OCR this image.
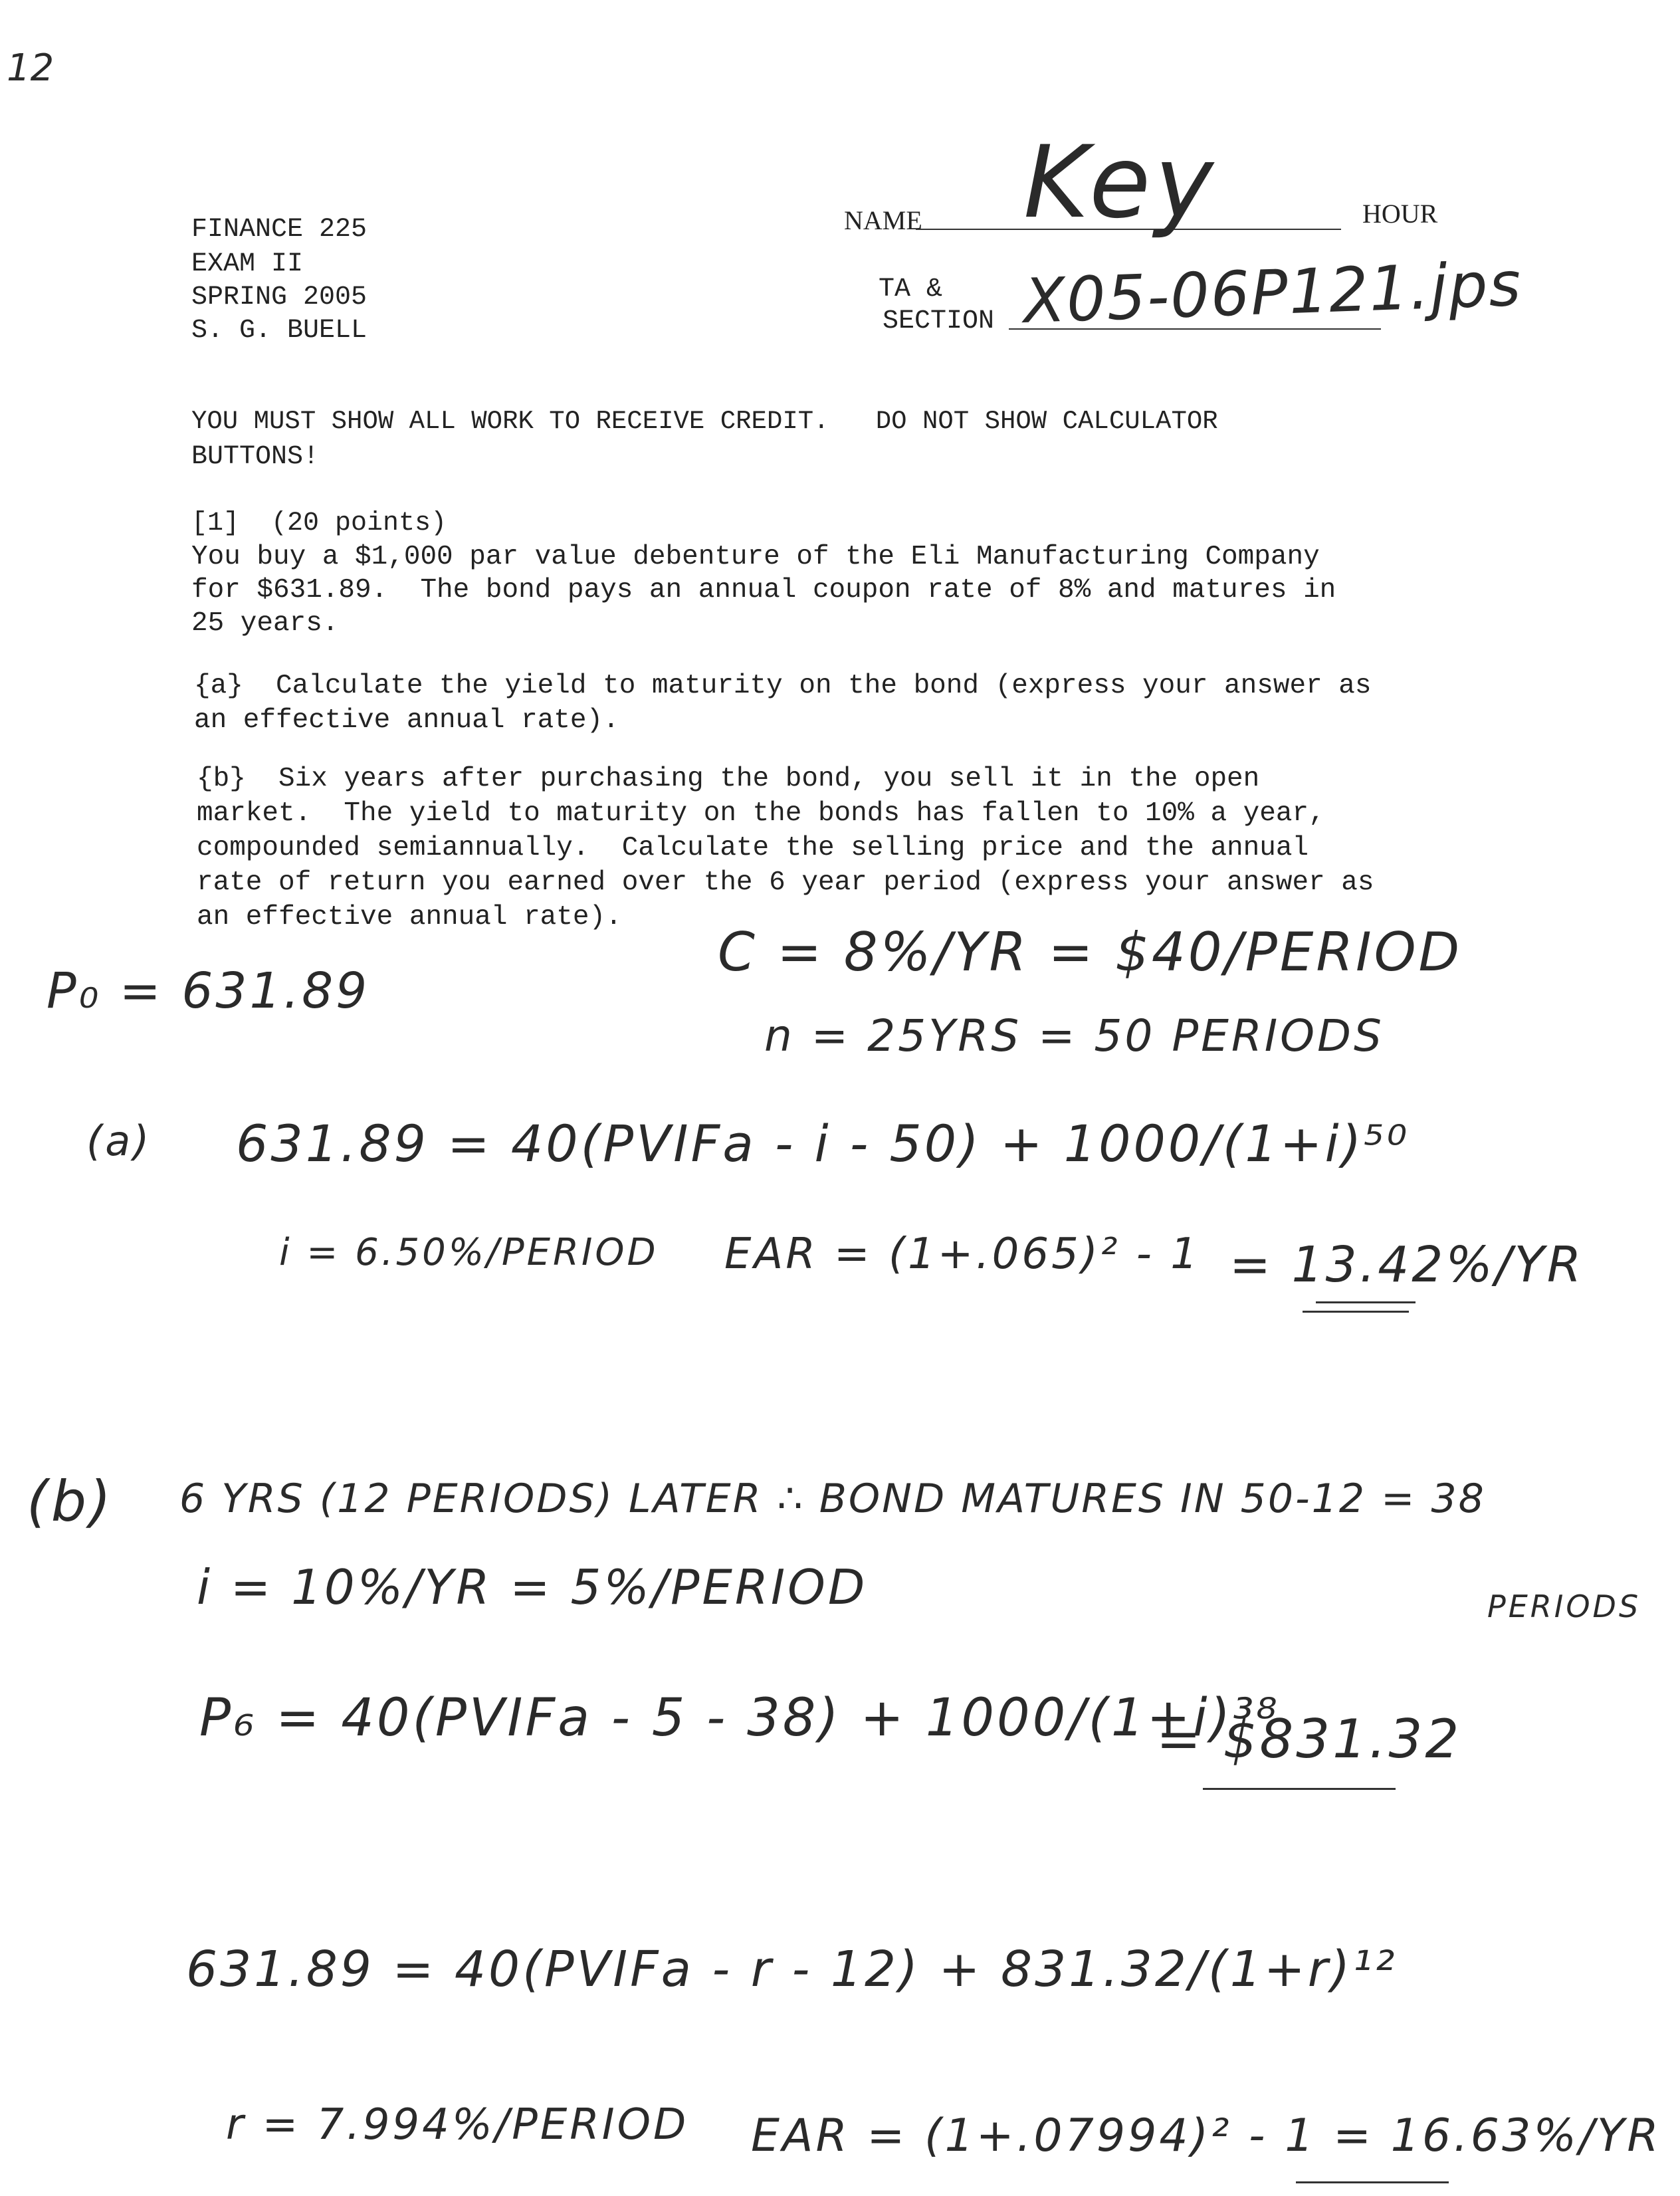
12
FINANCE 225
EXAM II
SPRING 2005
S. G. BUELL
NAME Key	HOUR
TA &
SECTION X05-06P121.jps
YOU MUST SHOW ALL WORK TO RECEIVE CREDIT.   DO NOT SHOW CALCULATOR
BUTTONS!
[1]  (20 points)
You buy a $1,000 par value debenture of the Eli Manufacturing Company
for $631.89.  The bond pays an annual coupon rate of 8% and matures in
25 years.
{a}  Calculate the yield to maturity on the bond (express your answer as
an effective annual rate).
{b}  Six years after purchasing the bond, you sell it in the open
market.  The yield to maturity on the bonds has fallen to 10% a year,
compounded semiannually.  Calculate the selling price and the annual
rate of return you earned over the 6 year period (express your answer as
an effective annual rate).
P₀ = 631.89
C = 8%/YR = $40/PERIOD
n = 25YRS = 50 PERIODS
(a) 631.89 = 40(PVIFa - i - 50) + 1000/(1+i)⁵⁰
i = 6.50%/PERIOD EAR = (1+.065)² - 1 = 13.42%/YR
(b) 6 YRS (12 PERIODS) LATER ∴ BOND MATURES IN 50-12 = 38
PERIODS
i = 10%/YR = 5%/PERIOD
P₆ = 40(PVIFa - 5 - 38) + 1000/(1+i)³⁸
= $831.32
631.89 = 40(PVIFa - r - 12) + 831.32/(1+r)¹²
r = 7.994%/PERIOD EAR = (1+.07994)² - 1 = 16.63%/YR
